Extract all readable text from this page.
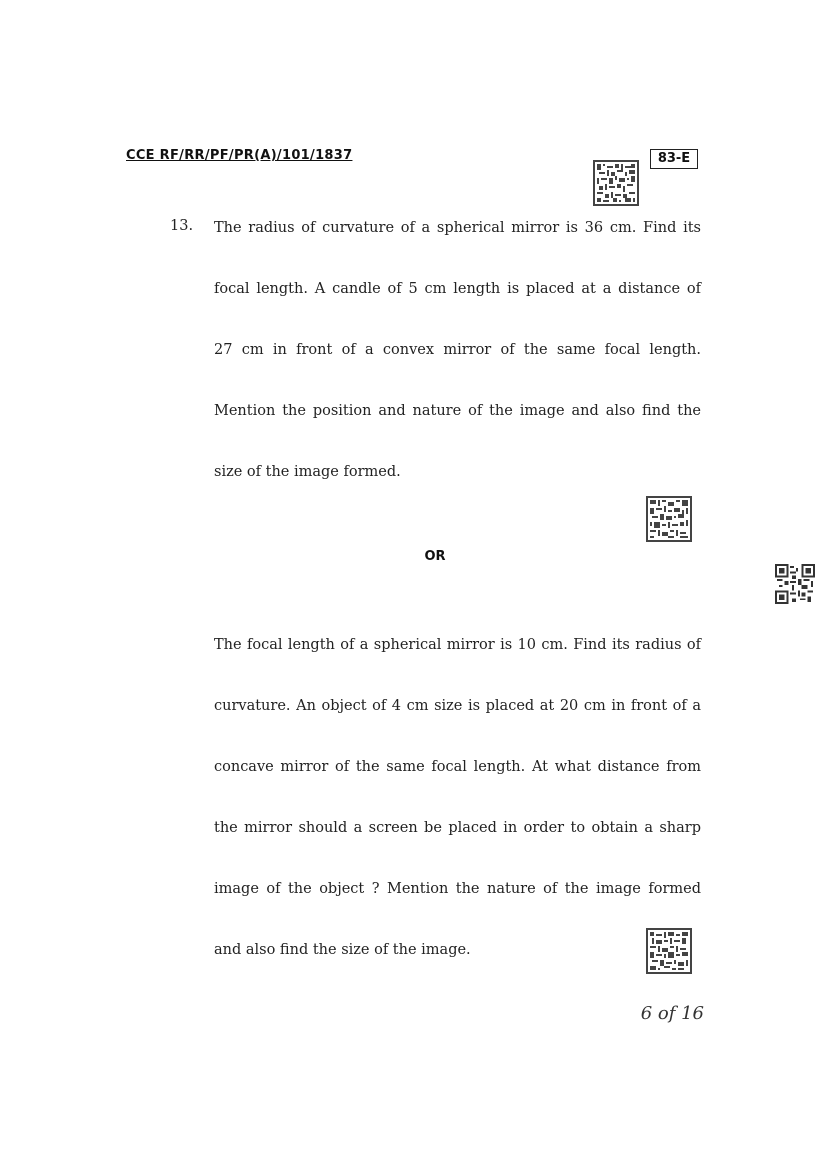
CCE RF/RR/PF/PR(A)/101/1837	83-E
13. The radius of curvature of a spherical mirror is 36 cm. Find its
focal length. A candle of 5 cm length is placed at a distance of
27 cm in front of a convex mirror of the same focal length.
Mention the position and nature of the image and also find the
size of the image formed.
OR
The focal length of a spherical mirror is 10 cm. Find its radius of
curvature. An object of 4 cm size is placed at 20 cm in front of a
concave mirror of the same focal length. At what distance from
the mirror should a screen be placed in order to obtain a sharp
image of the object ? Mention the nature of the image formed
and also find the size of the image.
6 of 16
